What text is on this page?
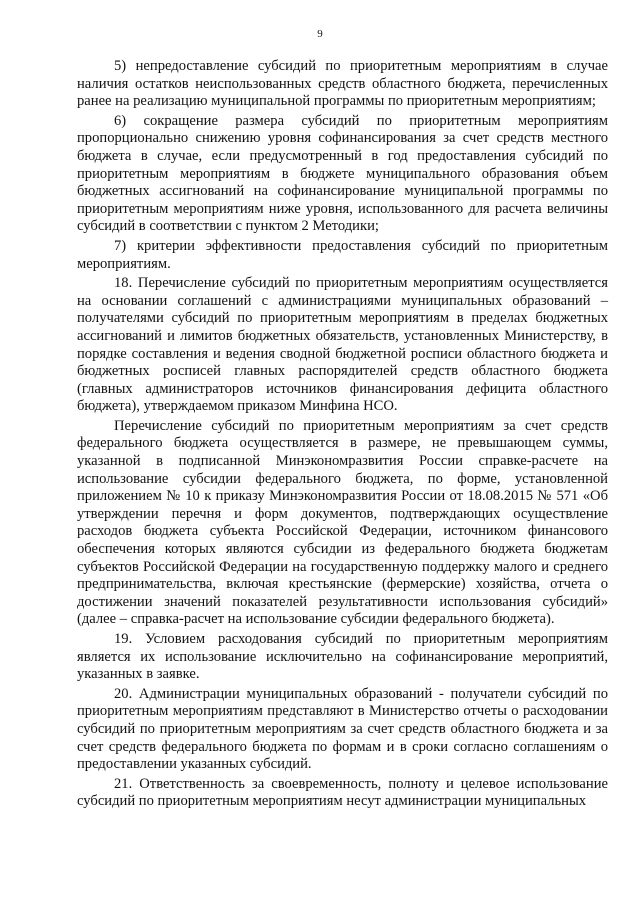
9

5) непредоставление субсидий по приоритетным мероприятиям в случае наличия остатков неиспользованных средств областного бюджета, перечисленных ранее на реализацию муниципальной программы по приоритетным мероприятиям;

6) сокращение размера субсидий по приоритетным мероприятиям пропорционально снижению уровня софинансирования за счет средств местного бюджета в случае, если предусмотренный в год предоставления субсидий по приоритетным мероприятиям в бюджете муниципального образования объем бюджетных ассигнований на софинансирование муниципальной программы по приоритетным мероприятиям ниже уровня, использованного для расчета величины субсидий в соответствии с пунктом 2 Методики;

7) критерии эффективности предоставления субсидий по приоритетным мероприятиям.

18. Перечисление субсидий по приоритетным мероприятиям осуществляется на основании соглашений с администрациями муниципальных образований – получателями субсидий по приоритетным мероприятиям в пределах бюджетных ассигнований и лимитов бюджетных обязательств, установленных Министерству, в порядке составления и ведения сводной бюджетной росписи областного бюджета и бюджетных росписей главных распорядителей средств областного бюджета (главных администраторов источников финансирования дефицита областного бюджета), утверждаемом приказом Минфина НСО.

Перечисление субсидий по приоритетным мероприятиям за счет средств федерального бюджета осуществляется в размере, не превышающем суммы, указанной в подписанной Минэкономразвития России справке-расчете на использование субсидии федерального бюджета, по форме, установленной приложением № 10 к приказу Минэкономразвития России от 18.08.2015 № 571 «Об утверждении перечня и форм документов, подтверждающих осуществление расходов бюджета субъекта Российской Федерации, источником финансового обеспечения которых являются субсидии из федерального бюджета бюджетам субъектов Российской Федерации на государственную поддержку малого и среднего предпринимательства, включая крестьянские (фермерские) хозяйства, отчета о достижении значений показателей результативности использования субсидий» (далее – справка-расчет на использование субсидии федерального бюджета).

19. Условием расходования субсидий по приоритетным мероприятиям является их использование исключительно на софинансирование мероприятий, указанных в заявке.

20. Администрации муниципальных образований - получатели субсидий по приоритетным мероприятиям представляют в Министерство отчеты о расходовании субсидий по приоритетным мероприятиям за счет средств областного бюджета и за счет средств федерального бюджета по формам и в сроки согласно соглашениям о предоставлении указанных субсидий.

21. Ответственность за своевременность, полноту и целевое использование субсидий по приоритетным мероприятиям несут администрации муниципальных
